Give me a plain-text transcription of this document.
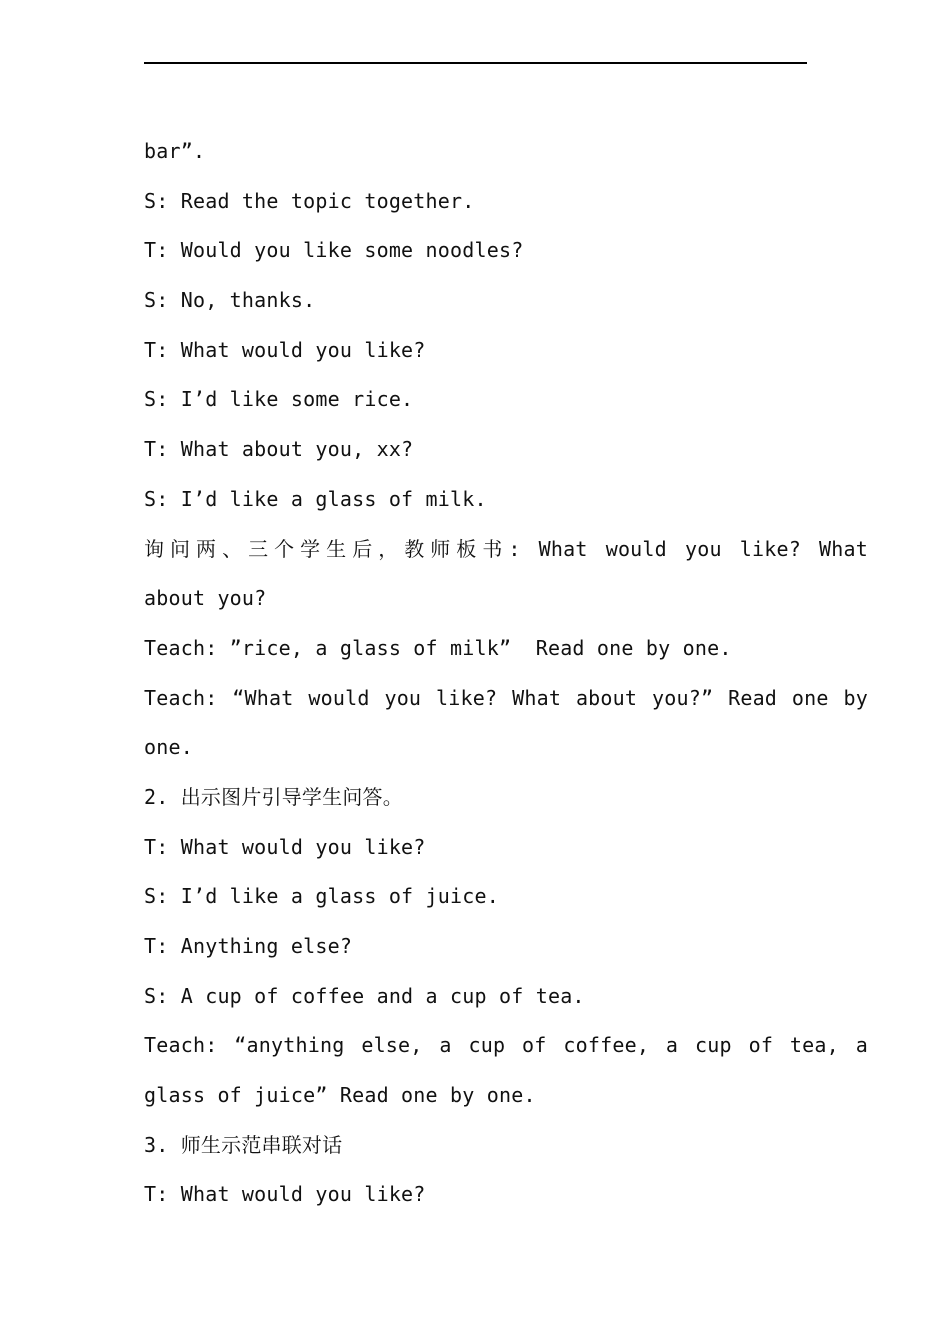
bar”.
S: Read the topic together.
T: Would you like some noodles?
S: No, thanks.
T: What would you like?
S: I’d like some rice.
T: What about you, xx?
S: I’d like a glass of milk.
询问两、三个学生后，教师板书: What would you like? What
about you?
Teach: ”rice, a glass of milk”  Read one by one.
Teach: “What would you like? What about you?” Read one by
one.
2. 出示图片引导学生问答。
T: What would you like?
S: I’d like a glass of juice.
T: Anything else?
S: A cup of coffee and a cup of tea.
Teach: “anything else, a cup of coffee, a cup of tea, a
glass of juice” Read one by one.
3. 师生示范串联对话
T: What would you like?
